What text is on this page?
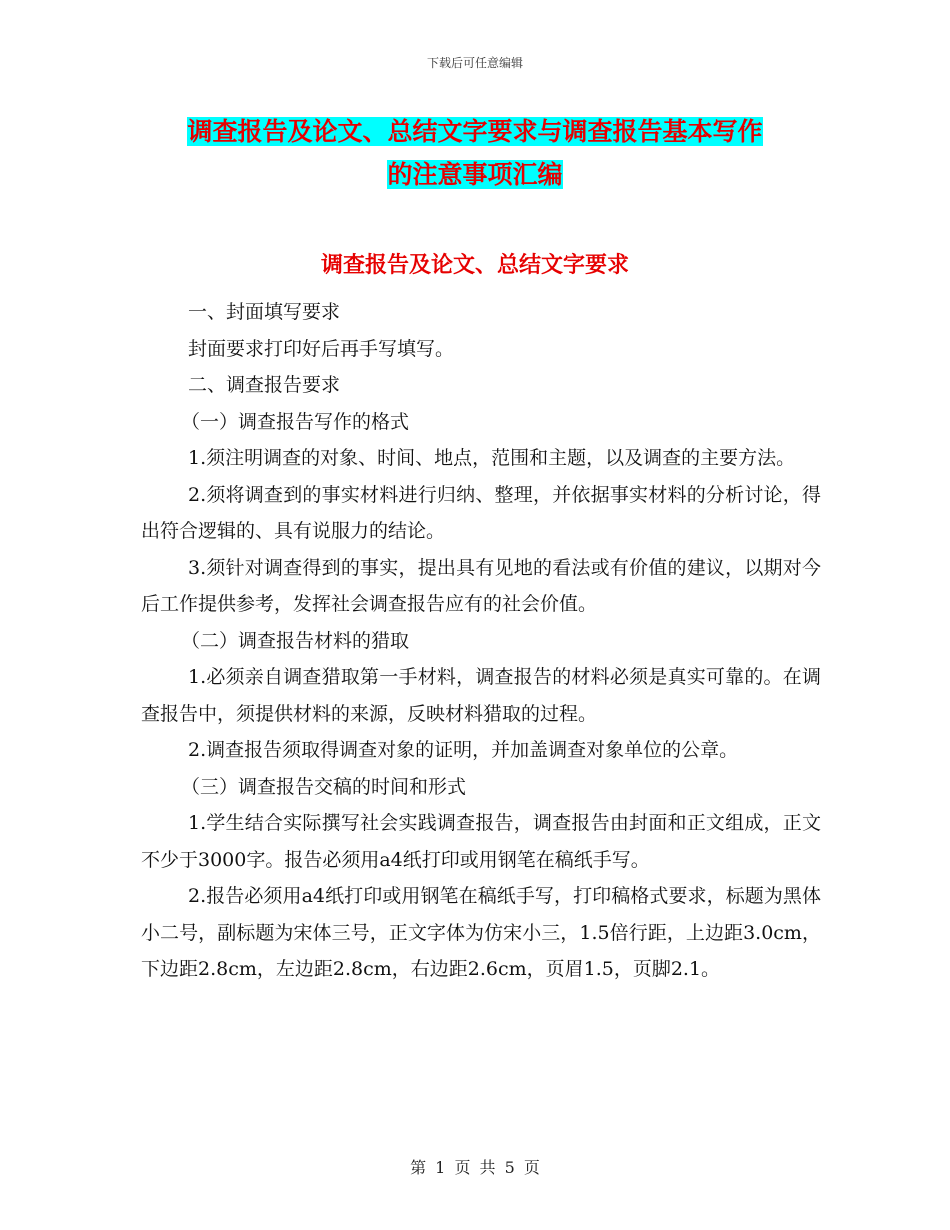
下载后可任意编辑
调查报告及论文、总结文字要求与调查报告基本写作
的注意事项汇编
调查报告及论文、总结文字要求

一、封面填写要求

封面要求打印好后再手写填写。

二、调查报告要求

（一）调查报告写作的格式

1.须注明调查的对象、时间、地点，范围和主题，以及调查的主要方法。

2.须将调查到的事实材料进行归纳、整理，并依据事实材料的分析讨论，得出符合逻辑的、具有说服力的结论。

3.须针对调查得到的事实，提出具有见地的看法或有价值的建议，以期对今后工作提供参考，发挥社会调查报告应有的社会价值。

（二）调查报告材料的猎取

1.必须亲自调查猎取第一手材料，调查报告的材料必须是真实可靠的。在调查报告中，须提供材料的来源，反映材料猎取的过程。

2.调查报告须取得调查对象的证明，并加盖调查对象单位的公章。

（三）调查报告交稿的时间和形式

1.学生结合实际撰写社会实践调查报告，调查报告由封面和正文组成，正文不少于3000字。报告必须用a4纸打印或用钢笔在稿纸手写。

2.报告必须用a4纸打印或用钢笔在稿纸手写，打印稿格式要求，标题为黑体小二号，副标题为宋体三号，正文字体为仿宋小三，1.5倍行距，上边距3.0cm，下边距2.8cm，左边距2.8cm，右边距2.6cm，页眉1.5，页脚2.1。

第 1 页 共 5 页
